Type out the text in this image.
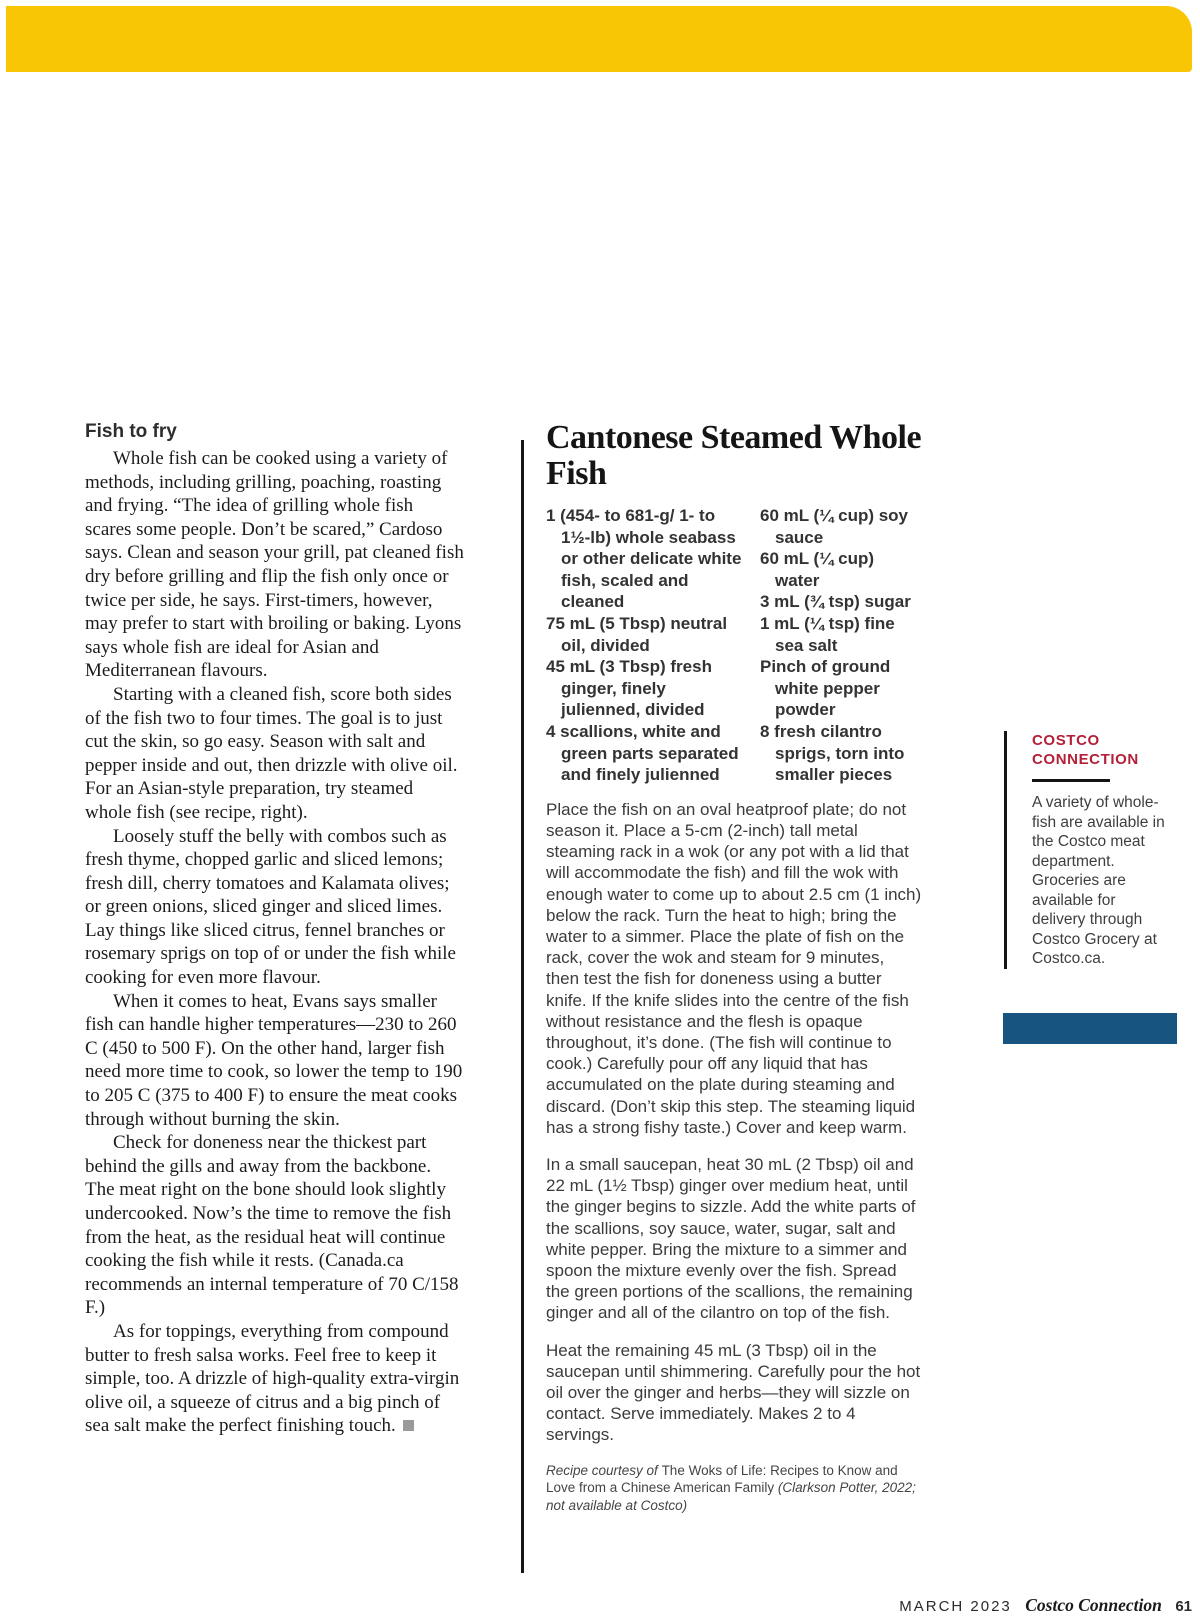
Fish to fry

Whole fish can be cooked using a variety of methods, including grilling, poaching, roasting and frying. “The idea of grilling whole fish scares some people. Don’t be scared,” Cardoso says. Clean and season your grill, pat cleaned fish dry before grilling and flip the fish only once or twice per side, he says. First-timers, however, may prefer to start with broiling or baking. Lyons says whole fish are ideal for Asian and Mediterranean flavours.

Starting with a cleaned fish, score both sides of the fish two to four times. The goal is to just cut the skin, so go easy. Season with salt and pepper inside and out, then drizzle with olive oil. For an Asian-style preparation, try steamed whole fish (see recipe, right).

Loosely stuff the belly with combos such as fresh thyme, chopped garlic and sliced lemons; fresh dill, cherry tomatoes and Kalamata olives; or green onions, sliced ginger and sliced limes. Lay things like sliced citrus, fennel branches or rosemary sprigs on top of or under the fish while cooking for even more flavour.

When it comes to heat, Evans says smaller fish can handle higher temperatures—230 to 260 C (450 to 500 F). On the other hand, larger fish need more time to cook, so lower the temp to 190 to 205 C (375 to 400 F) to ensure the meat cooks through without burning the skin.

Check for doneness near the thickest part behind the gills and away from the backbone. The meat right on the bone should look slightly undercooked. Now’s the time to remove the fish from the heat, as the residual heat will continue cooking the fish while it rests. (Canada.ca recommends an internal temperature of 70 C/158 F.)

As for toppings, everything from compound butter to fresh salsa works. Feel free to keep it simple, too. A drizzle of high-quality extra-virgin olive oil, a squeeze of citrus and a big pinch of sea salt make the perfect finishing touch.

Cantonese Steamed Whole Fish
1 (454- to 681-g/ 1- to 1½-lb) whole seabass or other delicate white fish, scaled and cleaned
75 mL (5 Tbsp) neutral oil, divided
45 mL (3 Tbsp) fresh ginger, finely julienned, divided
4 scallions, white and green parts separated and finely julienned
60 mL (¼ cup) soy sauce
60 mL (¼ cup) water
3 mL (¾ tsp) sugar
1 mL (¼ tsp) fine sea salt
Pinch of ground white pepper powder
8 fresh cilantro sprigs, torn into smaller pieces

Place the fish on an oval heatproof plate; do not season it. Place a 5-cm (2-inch) tall metal steaming rack in a wok (or any pot with a lid that will accommodate the fish) and fill the wok with enough water to come up to about 2.5 cm (1 inch) below the rack. Turn the heat to high; bring the water to a simmer. Place the plate of fish on the rack, cover the wok and steam for 9 minutes, then test the fish for doneness using a butter knife. If the knife slides into the centre of the fish without resistance and the flesh is opaque throughout, it’s done. (The fish will continue to cook.) Carefully pour off any liquid that has accumulated on the plate during steaming and discard. (Don’t skip this step. The steaming liquid has a strong fishy taste.) Cover and keep warm.

In a small saucepan, heat 30 mL (2 Tbsp) oil and 22 mL (1½ Tbsp) ginger over medium heat, until the ginger begins to sizzle. Add the white parts of the scallions, soy sauce, water, sugar, salt and white pepper. Bring the mixture to a simmer and spoon the mixture evenly over the fish. Spread the green portions of the scallions, the remaining ginger and all of the cilantro on top of the fish.

Heat the remaining 45 mL (3 Tbsp) oil in the saucepan until shimmering. Carefully pour the hot oil over the ginger and herbs—they will sizzle on contact. Serve immediately. Makes 2 to 4 servings.

Recipe courtesy of The Woks of Life: Recipes to Know and Love from a Chinese American Family (Clarkson Potter, 2022; not available at Costco)

COSTCO
CONNECTION

A variety of whole-fish are available in the Costco meat department. Groceries are available for delivery through Costco Grocery at Costco.ca.

MARCH 2023 Costco Connection 61
